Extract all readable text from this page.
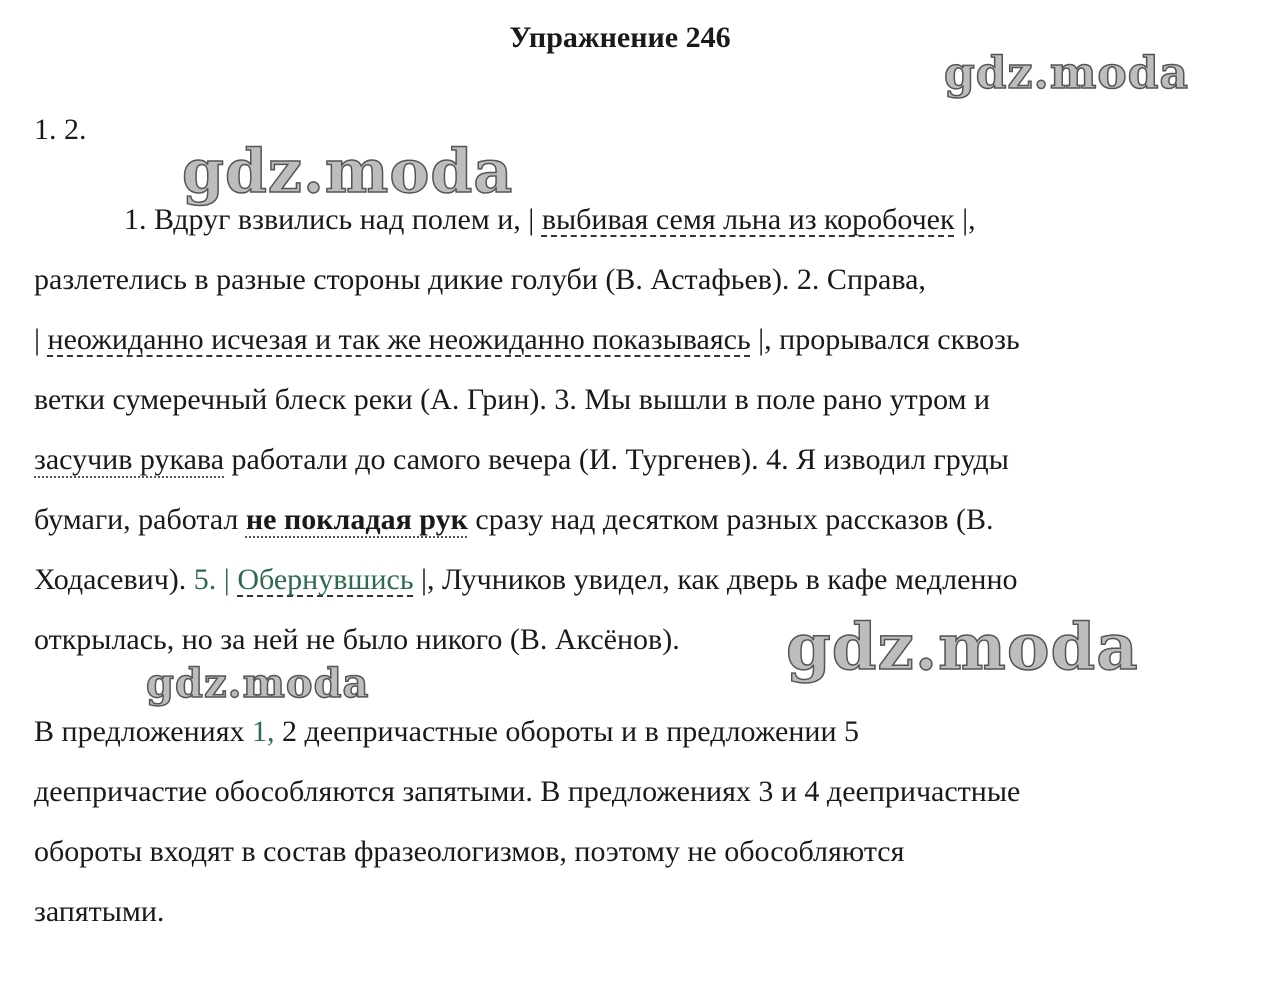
Упражнение 246
1. 2.
1. Вдруг взвились над полем и, | выбивая семя льна из коробочек |,
разлетелись в разные стороны дикие голуби (В. Астафьев). 2. Справа,
| неожиданно исчезая и так же неожиданно показываясь |, прорывался сквозь
ветки сумеречный блеск реки (А. Грин). 3. Мы вышли в поле рано утром и
засучив рукава работали до самого вечера (И. Тургенев). 4. Я изводил груды
бумаги, работал не покладая рук сразу над десятком разных рассказов (В.
Ходасевич). 5. | Обернувшись |, Лучников увидел, как дверь в кафе медленно
открылась, но за ней не было никого (В. Аксёнов).
В предложениях 1, 2 деепричастные обороты и в предложении 5
деепричастие обособляются запятыми. В предложениях 3 и 4 деепричастные
обороты входят в состав фразеологизмов, поэтому не обособляются
запятыми.
gdz.moda
gdz.moda
gdz.moda
gdz.moda
